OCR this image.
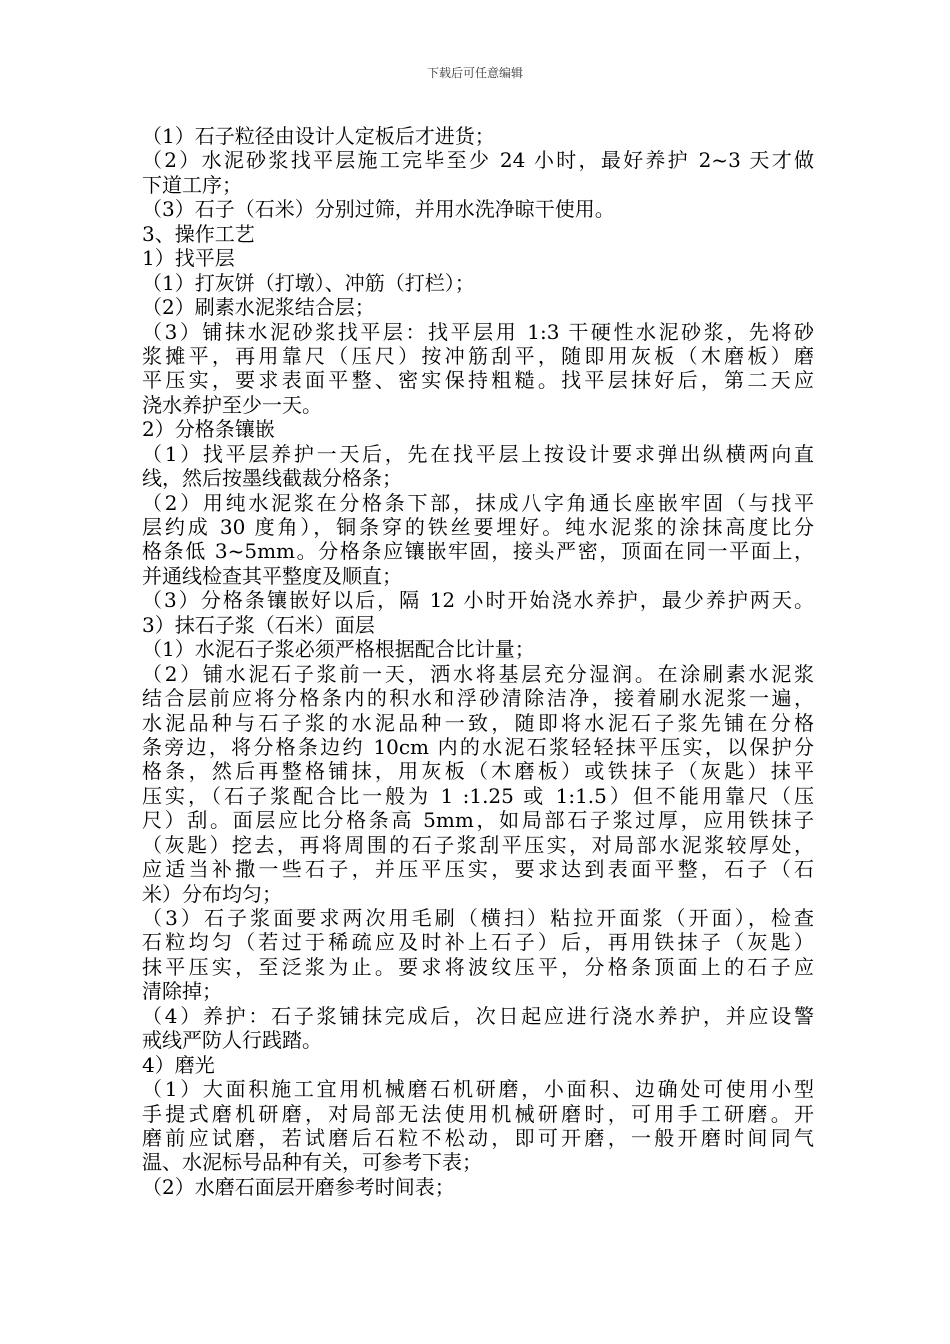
下载后可任意编辑
（1）石子粒径由设计人定板后才进货；
（2）水泥砂浆找平层施工完毕至少 24 小时，最好养护 2~3 天才做
下道工序；
（3）石子（石米）分别过筛，并用水洗净晾干使用。
3、操作工艺
1）找平层
（1）打灰饼（打墩）、冲筋（打栏）；
（2）刷素水泥浆结合层；
（3）铺抹水泥砂浆找平层：找平层用 1:3 干硬性水泥砂浆，先将砂
浆摊平，再用靠尺（压尺）按冲筋刮平，随即用灰板（木磨板）磨
平压实，要求表面平整、密实保持粗糙。找平层抹好后，第二天应
浇水养护至少一天。
2）分格条镶嵌
（1）找平层养护一天后，先在找平层上按设计要求弹出纵横两向直
线，然后按墨线截裁分格条；
（2）用纯水泥浆在分格条下部，抹成八字角通长座嵌牢固（与找平
层约成 30 度角），铜条穿的铁丝要埋好。纯水泥浆的涂抹高度比分
格条低 3~5mm。分格条应镶嵌牢固，接头严密，顶面在同一平面上，
并通线检查其平整度及顺直；
（3）分格条镶嵌好以后，隔 12 小时开始浇水养护，最少养护两天。
3）抹石子浆（石米）面层
（1）水泥石子浆必须严格根据配合比计量；
（2）铺水泥石子浆前一天，洒水将基层充分湿润。在涂刷素水泥浆
结合层前应将分格条内的积水和浮砂清除洁净，接着刷水泥浆一遍，
水泥品种与石子浆的水泥品种一致，随即将水泥石子浆先铺在分格
条旁边，将分格条边约 10cm 内的水泥石浆轻轻抹平压实，以保护分
格条，然后再整格铺抹，用灰板（木磨板）或铁抹子（灰匙）抹平
压实，（石子浆配合比一般为 1 :1.25 或 1:1.5）但不能用靠尺（压
尺）刮。面层应比分格条高 5mm，如局部石子浆过厚，应用铁抹子
（灰匙）挖去，再将周围的石子浆刮平压实，对局部水泥浆较厚处，
应适当补撒一些石子，并压平压实，要求达到表面平整，石子（石
米）分布均匀；
（3）石子浆面要求两次用毛刷（横扫）粘拉开面浆（开面），检查
石粒均匀（若过于稀疏应及时补上石子）后，再用铁抹子（灰匙）
抹平压实，至泛浆为止。要求将波纹压平，分格条顶面上的石子应
清除掉；
（4）养护：石子浆铺抹完成后，次日起应进行浇水养护，并应设警
戒线严防人行践踏。
4）磨光
（1）大面积施工宜用机械磨石机研磨，小面积、边确处可使用小型
手提式磨机研磨，对局部无法使用机械研磨时，可用手工研磨。开
磨前应试磨，若试磨后石粒不松动，即可开磨，一般开磨时间同气
温、水泥标号品种有关，可参考下表；
（2）水磨石面层开磨参考时间表；
